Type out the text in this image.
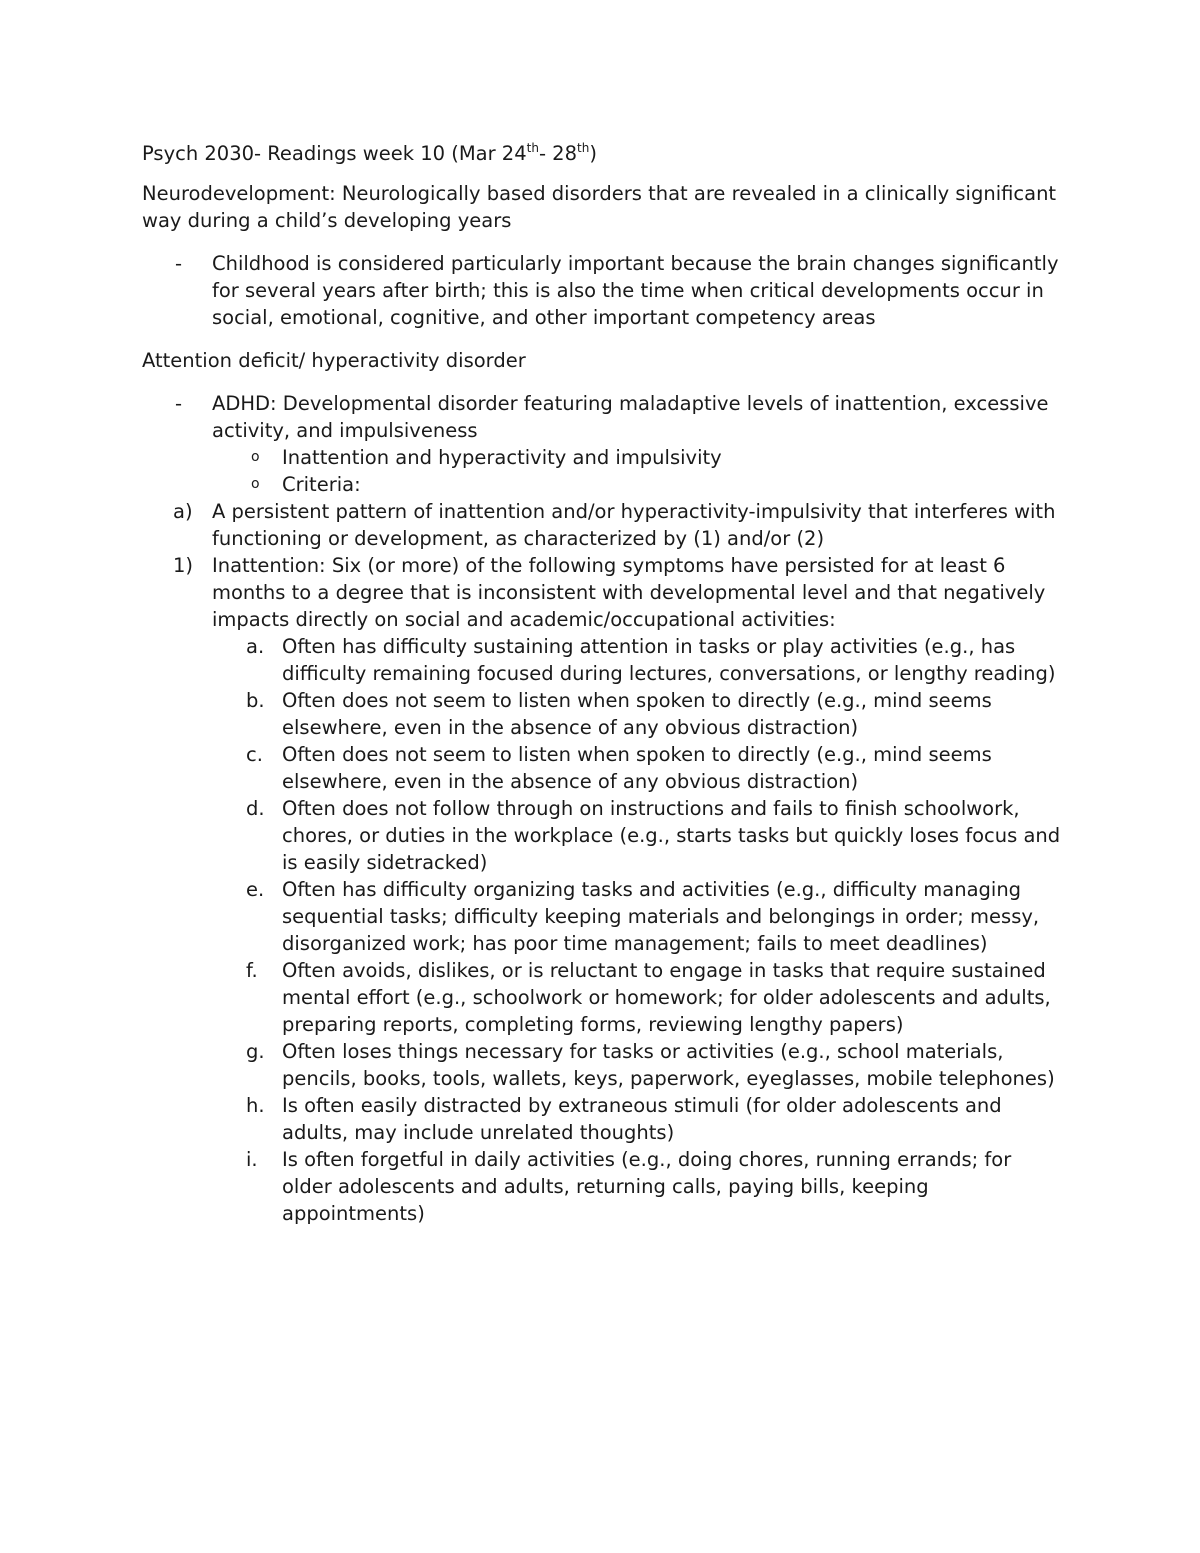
Psych 2030- Readings week 10 (Mar 24th- 28th)

Neurodevelopment: Neurologically based disorders that are revealed in a clinically significant way during a child’s developing years

-	Childhood is considered particularly important because the brain changes significantly for several years after birth; this is also the time when critical developments occur in social, emotional, cognitive, and other important competency areas

Attention deficit/ hyperactivity disorder

-	ADHD: Developmental disorder featuring maladaptive levels of inattention, excessive activity, and impulsiveness
o	Inattention and hyperactivity and impulsivity
o	Criteria:
a) A persistent pattern of inattention and/or hyperactivity-impulsivity that interferes with functioning or development, as characterized by (1) and/or (2)
1) Inattention: Six (or more) of the following symptoms have persisted for at least 6 months to a degree that is inconsistent with developmental level and that negatively impacts directly on social and academic/occupational activities:
a. Often has difficulty sustaining attention in tasks or play activities (e.g., has difficulty remaining focused during lectures, conversations, or lengthy reading)
b. Often does not seem to listen when spoken to directly (e.g., mind seems elsewhere, even in the absence of any obvious distraction)
c. Often does not seem to listen when spoken to directly (e.g., mind seems elsewhere, even in the absence of any obvious distraction)
d. Often does not follow through on instructions and fails to finish schoolwork, chores, or duties in the workplace (e.g., starts tasks but quickly loses focus and is easily sidetracked)
e. Often has difficulty organizing tasks and activities (e.g., difficulty managing sequential tasks; difficulty keeping materials and belongings in order; messy, disorganized work; has poor time management; fails to meet deadlines)
f.	Often avoids, dislikes, or is reluctant to engage in tasks that require sustained mental effort (e.g., schoolwork or homework; for older adolescents and adults, preparing reports, completing forms, reviewing lengthy papers)
g. Often loses things necessary for tasks or activities (e.g., school materials, pencils, books, tools, wallets, keys, paperwork, eyeglasses, mobile telephones)
h. Is often easily distracted by extraneous stimuli (for older adolescents and adults, may include unrelated thoughts)
i.	Is often forgetful in daily activities (e.g., doing chores, running errands; for older adolescents and adults, returning calls, paying bills, keeping appointments)
